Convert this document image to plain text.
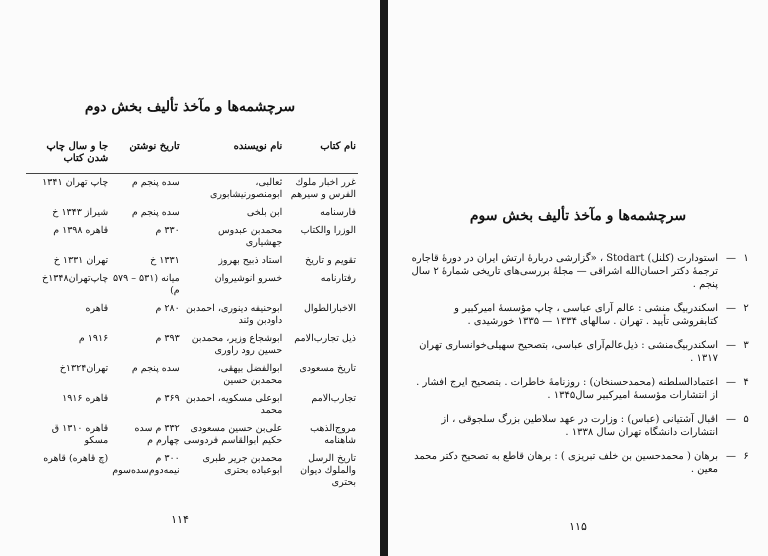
سرچشمه‌ها و مآخذ تألیف بخش دوم
نام کتاب	نام نویسنده	تاریخ نوشتن	جا و سال چاپ شدن کتاب
غرر اخبار ملوك الفرس و سیرهم	ثعالبی، ابومنصورنیشابوری	سده پنجم م	چاپ تهران ۱۳۴۱
فارسنامه	ابن بلخی	سده پنجم م	شیراز ۱۳۴۳ خ
الوزرا والکتاب	محمدبن عبدوس جهشیاری	۳۳۰ م	قاهره ۱۳۹۸ م
تقویم و تاریخ	استاد ذبیح بهروز	۱۳۳۱ خ	تهران ۱۳۳۱ خ
رفتارنامه	خسرو انوشیروان	میانه (۵۳۱ – ۵۷۹ م)	چاپ‌تهران۱۳۴۸خ
الاخبارالطوال	ابوحنیفه دینوری، احمدبن داودبن وئند	۲۸۰ م	قاهره
ذیل تجارب‌الامم	ابوشجاع وزیر، محمدبن حسین رود راوری	۳۹۳ م	۱۹۱۶ م
تاریخ مسعودی	ابوالفضل بیهقی، محمدبن حسین	سده پنجم م	تهران۱۳۲۴خ
تجارب‌الامم	ابوعلی مسکویه، احمدبن محمد	۳۶۹ م	قاهره ۱۹۱۶
مروج‌الذهب شاهنامه	علی‌بن حسین مسعودی حکیم ابوالقاسم فردوسی	۳۳۲ م سده چهارم م	قاهره ۱۳۱۰ ق مسکو
تاریخ الرسل والملوك دیوان بحتری	محمدبن جریر طبری ابوعباده بحتری	۳۰۰ م نیمه‌دوم‌سده‌سوم	(چ قاهره) قاهره
۱۱۴
سرچشمه‌ها و مآخذ تألیف بخش سوم
۱
—
استودارت (کلنل) Stodart ، «گزارشی دربارهٔ ارتش ایران در دورهٔ قاجاره ترجمهٔ دکتر احسان‌الله اشراقی — مجلهٔ بررسی‌های تاریخی شمارهٔ ۲ سال پنجم .
۲
—
اسکندربیگ منشی : عالم آرای عباسی ، چاپ مؤسسهٔ امیرکبیر و کتابفروشی تأیید . تهران . سالهای ۱۳۳۴ — ۱۳۳۵ خورشیدی .
۳
—
اسکندربیگ‌منشی : ذیل‌عالم‌آرای عباسی، بتصحیح سهیلی‌خوانساری تهران ۱۳۱۷ .
۴
—
اعتمادالسلطنه (محمدحسنخان) : روزنامهٔ خاطرات . بتصحیح ایرج افشار . از انتشارات مؤسسهٔ امیرکبیر سال۱۳۴۵ .
۵
—
اقبال آشتیانی (عباس) : وزارت در عهد سلاطین بزرگ سلجوقی ، از انتشارات دانشگاه تهران سال ۱۳۳۸ .
۶
—
برهان ( محمدحسین بن خلف تبریزی ) : برهان قاطع به تصحیح دکتر محمد معین .
۱۱۵
